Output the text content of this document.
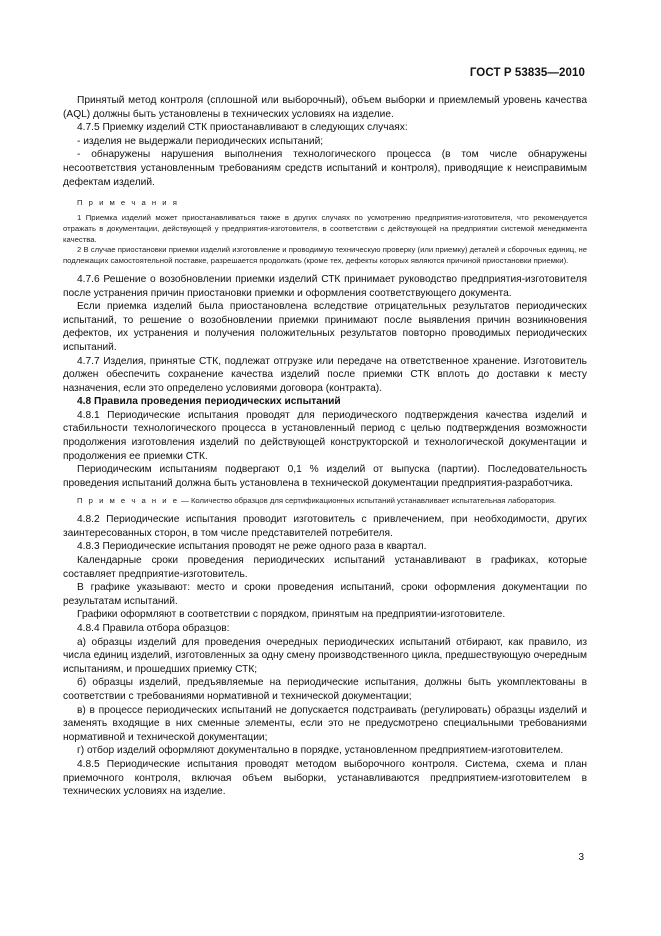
ГОСТ Р 53835—2010

Принятый метод контроля (сплошной или выборочный), объем выборки и приемлемый уровень качества (AQL) должны быть установлены в технических условиях на изделие.

4.7.5 Приемку изделий СТК приостанавливают в следующих случаях:

- изделия не выдержали периодических испытаний;

- обнаружены нарушения выполнения технологического процесса (в том числе обнаружены несоответствия установленным требованиям средств испытаний и контроля), приводящие к неисправимым дефектам изделий.

П р и м е ч а н и я

1 Приемка изделий может приостанавливаться также в других случаях по усмотрению предприятия-изготовителя, что рекомендуется отражать в документации, действующей у предприятия-изготовителя, в соответствии с действующей на предприятии системой менеджмента качества.

2 В случае приостановки приемки изделий изготовление и проводимую техническую проверку (или приемку) деталей и сборочных единиц, не подлежащих самостоятельной поставке, разрешается продолжать (кроме тех, дефекты которых являются причиной приостановки приемки).

4.7.6 Решение о возобновлении приемки изделий СТК принимает руководство предприятия-изготовителя после устранения причин приостановки приемки и оформления соответствующего документа.

Если приемка изделий была приостановлена вследствие отрицательных результатов периодических испытаний, то решение о возобновлении приемки принимают после выявления причин возникновения дефектов, их устранения и получения положительных результатов повторно проводимых периодических испытаний.

4.7.7 Изделия, принятые СТК, подлежат отгрузке или передаче на ответственное хранение. Изготовитель должен обеспечить сохранение качества изделий после приемки СТК вплоть до доставки к месту назначения, если это определено условиями договора (контракта).

4.8 Правила проведения периодических испытаний

4.8.1 Периодические испытания проводят для периодического подтверждения качества изделий и стабильности технологического процесса в установленный период с целью подтверждения возможности продолжения изготовления изделий по действующей конструкторской и технологической документации и продолжения ее приемки СТК.

Периодическим испытаниям подвергают 0,1 % изделий от выпуска (партии). Последовательность проведения испытаний должна быть установлена в технической документации предприятия-разработчика.

П р и м е ч а н и е — Количество образцов для сертификационных испытаний устанавливает испытательная лаборатория.

4.8.2 Периодические испытания проводит изготовитель с привлечением, при необходимости, других заинтересованных сторон, в том числе представителей потребителя.

4.8.3 Периодические испытания проводят не реже одного раза в квартал.

Календарные сроки проведения периодических испытаний устанавливают в графиках, которые составляет предприятие-изготовитель.

В графике указывают: место и сроки проведения испытаний, сроки оформления документации по результатам испытаний.

Графики оформляют в соответствии с порядком, принятым на предприятии-изготовителе.

4.8.4 Правила отбора образцов:

а) образцы изделий для проведения очередных периодических испытаний отбирают, как правило, из числа единиц изделий, изготовленных за одну смену производственного цикла, предшествующую очередным испытаниям, и прошедших приемку СТК;

б) образцы изделий, предъявляемые на периодические испытания, должны быть укомплектованы в соответствии с требованиями нормативной и технической документации;

в) в процессе периодических испытаний не допускается подстраивать (регулировать) образцы изделий и заменять входящие в них сменные элементы, если это не предусмотрено специальными требованиями нормативной и технической документации;

г) отбор изделий оформляют документально в порядке, установленном предприятием-изготовителем.

4.8.5 Периодические испытания проводят методом выборочного контроля. Система, схема и план приемочного контроля, включая объем выборки, устанавливаются предприятием-изготовителем в технических условиях на изделие.

3
